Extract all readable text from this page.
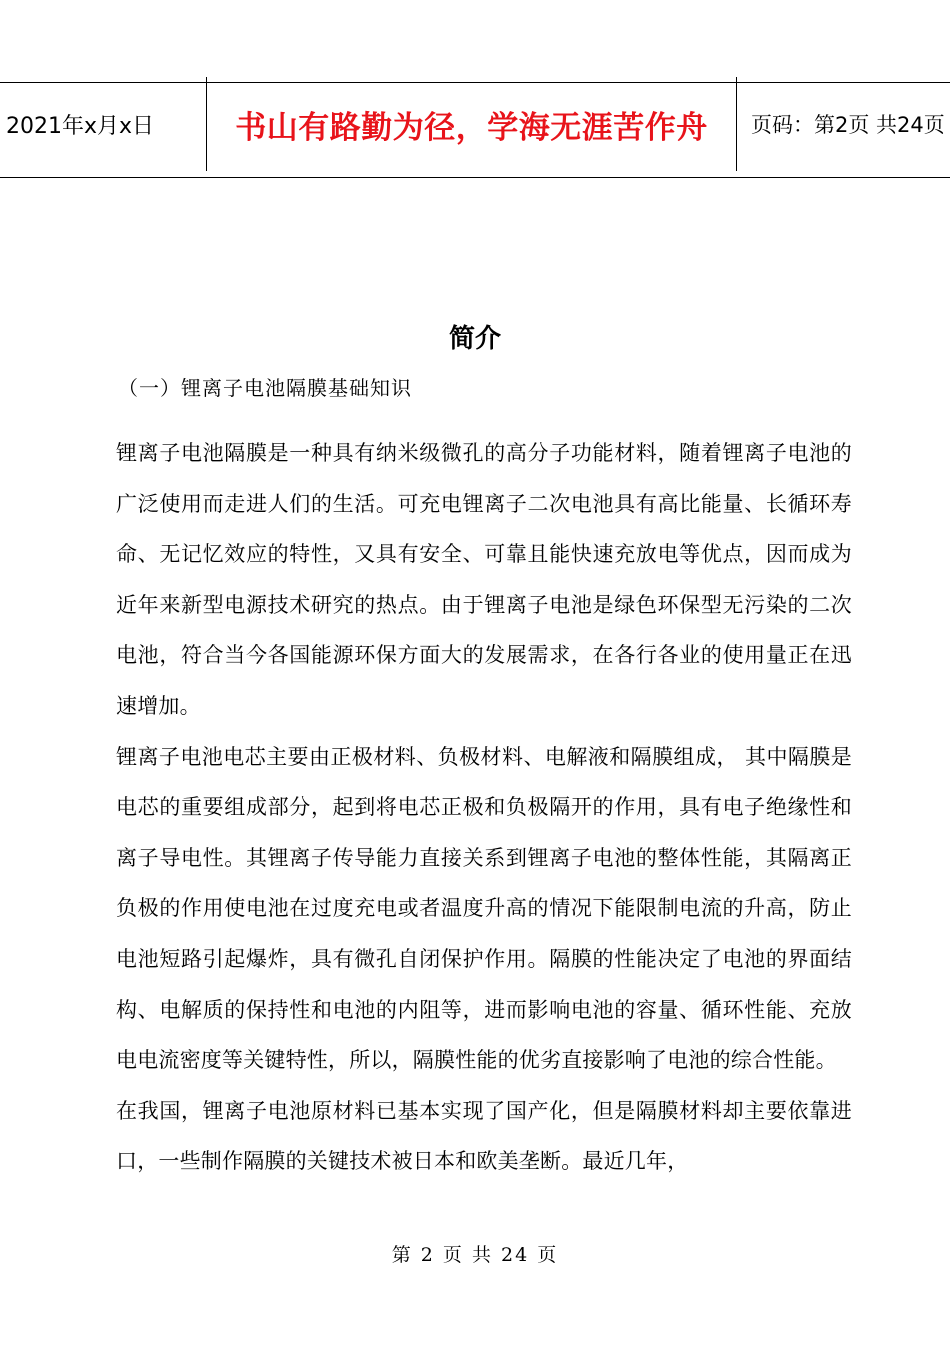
2021年x月x日	书山有路勤为径，学海无涯苦作舟	页码：第2页 共24页
简介
（一）锂离子电池隔膜基础知识

锂离子电池隔膜是一种具有纳米级微孔的高分子功能材料，随着锂离子电池的广泛使用而走进人们的生活。可充电锂离子二次电池具有高比能量、长循环寿命、无记忆效应的特性，又具有安全、可靠且能快速充放电等优点，因而成为近年来新型电源技术研究的热点。由于锂离子电池是绿色环保型无污染的二次电池，符合当今各国能源环保方面大的发展需求，在各行各业的使用量正在迅速增加。

锂离子电池电芯主要由正极材料、负极材料、电解液和隔膜组成， 其中隔膜是电芯的重要组成部分，起到将电芯正极和负极隔开的作用，具有电子绝缘性和离子导电性。其锂离子传导能力直接关系到锂离子电池的整体性能，其隔离正负极的作用使电池在过度充电或者温度升高的情况下能限制电流的升高，防止电池短路引起爆炸，具有微孔自闭保护作用。隔膜的性能决定了电池的界面结构、电解质的保持性和电池的内阻等，进而影响电池的容量、循环性能、充放电电流密度等关键特性，所以，隔膜性能的优劣直接影响了电池的综合性能。

在我国，锂离子电池原材料已基本实现了国产化，但是隔膜材料却主要依靠进口，一些制作隔膜的关键技术被日本和欧美垄断。最近几年，

第 2 页 共 24 页
